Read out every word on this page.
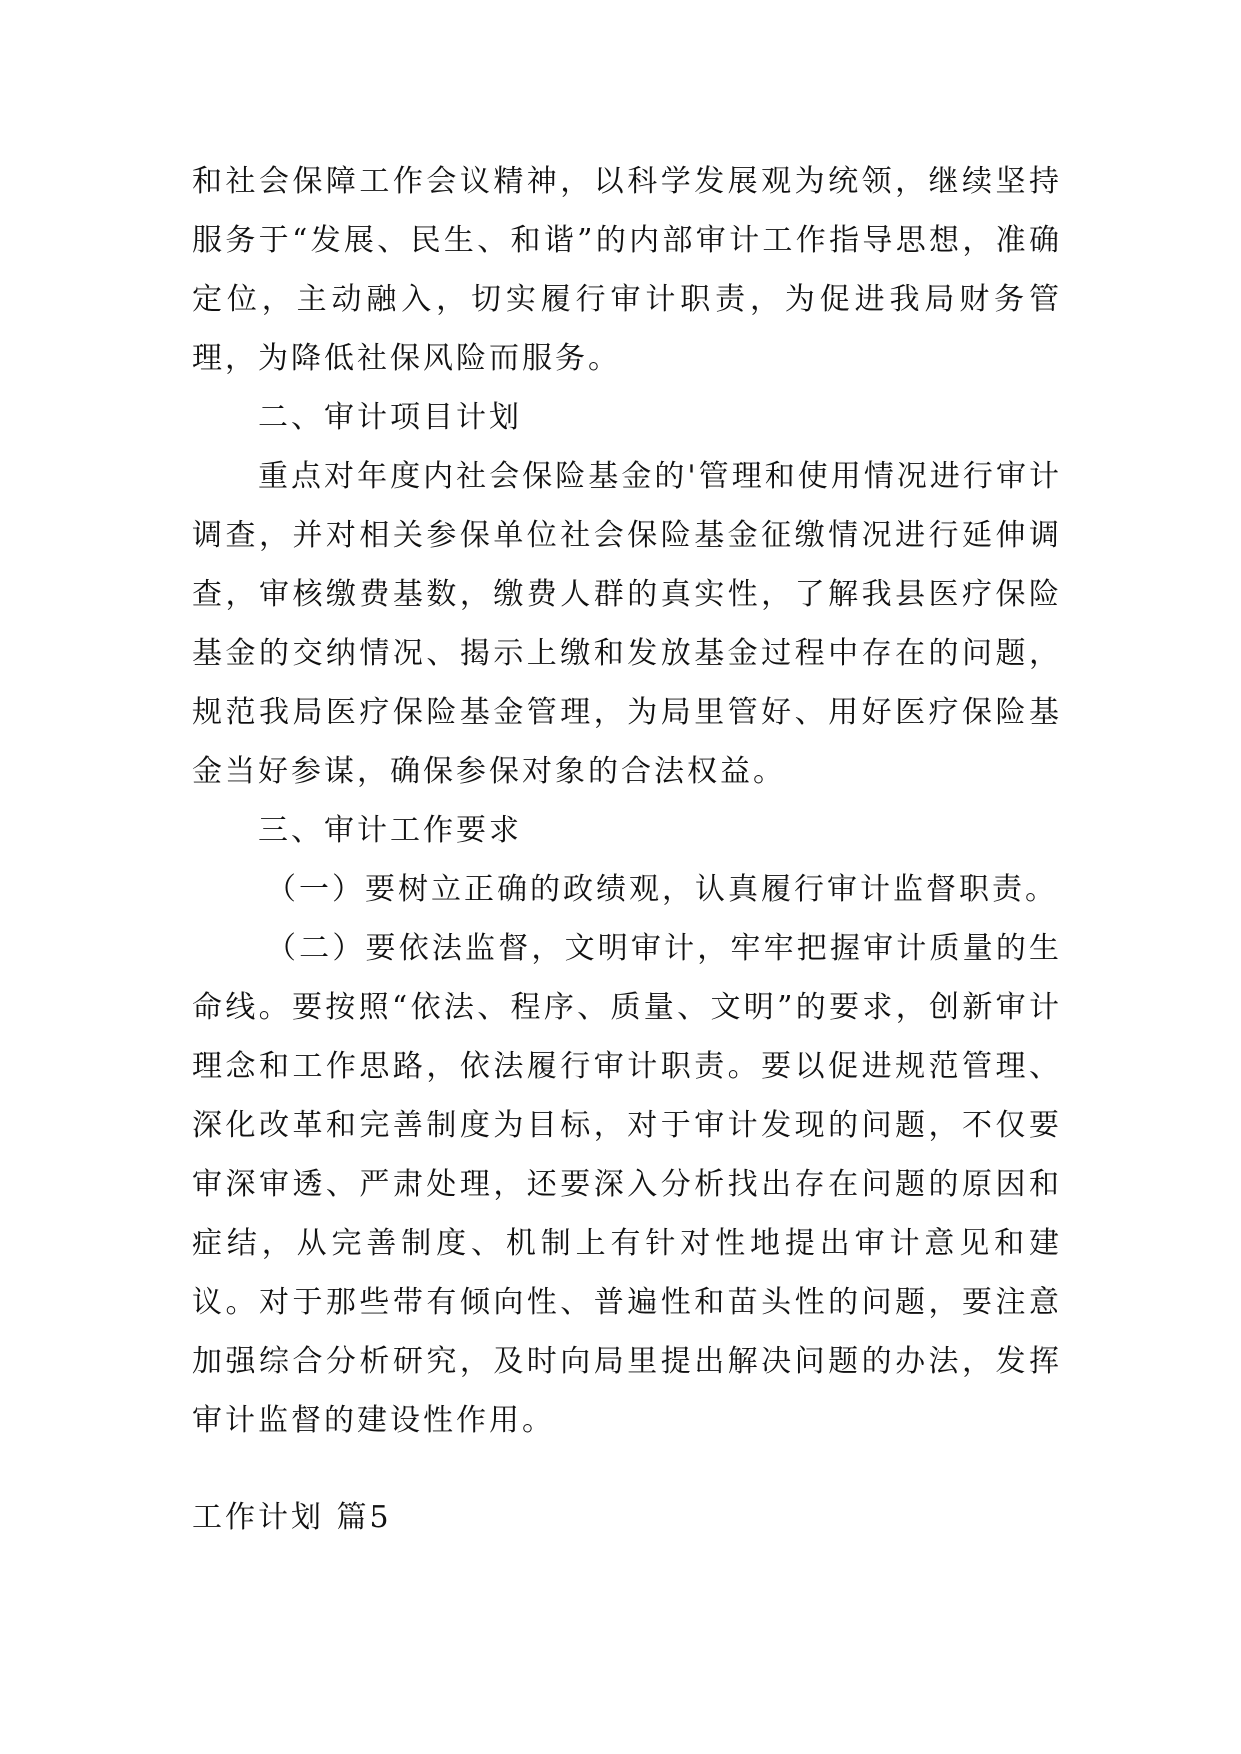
和社会保障工作会议精神，以科学发展观为统领，继续坚持服务于“发展、民生、和谐”的内部审计工作指导思想，准确定位，主动融入，切实履行审计职责，为促进我局财务管理，为降低社保风险而服务。

二、审计项目计划

重点对年度内社会保险基金的'管理和使用情况进行审计调查，并对相关参保单位社会保险基金征缴情况进行延伸调查，审核缴费基数，缴费人群的真实性，了解我县医疗保险基金的交纳情况、揭示上缴和发放基金过程中存在的问题，规范我局医疗保险基金管理，为局里管好、用好医疗保险基金当好参谋，确保参保对象的合法权益。

三、审计工作要求

（一）要树立正确的政绩观，认真履行审计监督职责。

（二）要依法监督，文明审计，牢牢把握审计质量的生命线。要按照“依法、程序、质量、文明”的要求，创新审计理念和工作思路，依法履行审计职责。要以促进规范管理、深化改革和完善制度为目标，对于审计发现的问题，不仅要审深审透、严肃处理，还要深入分析找出存在问题的原因和症结，从完善制度、机制上有针对性地提出审计意见和建议。对于那些带有倾向性、普遍性和苗头性的问题，要注意加强综合分析研究，及时向局里提出解决问题的办法，发挥审计监督的建设性作用。

工作计划 篇5
